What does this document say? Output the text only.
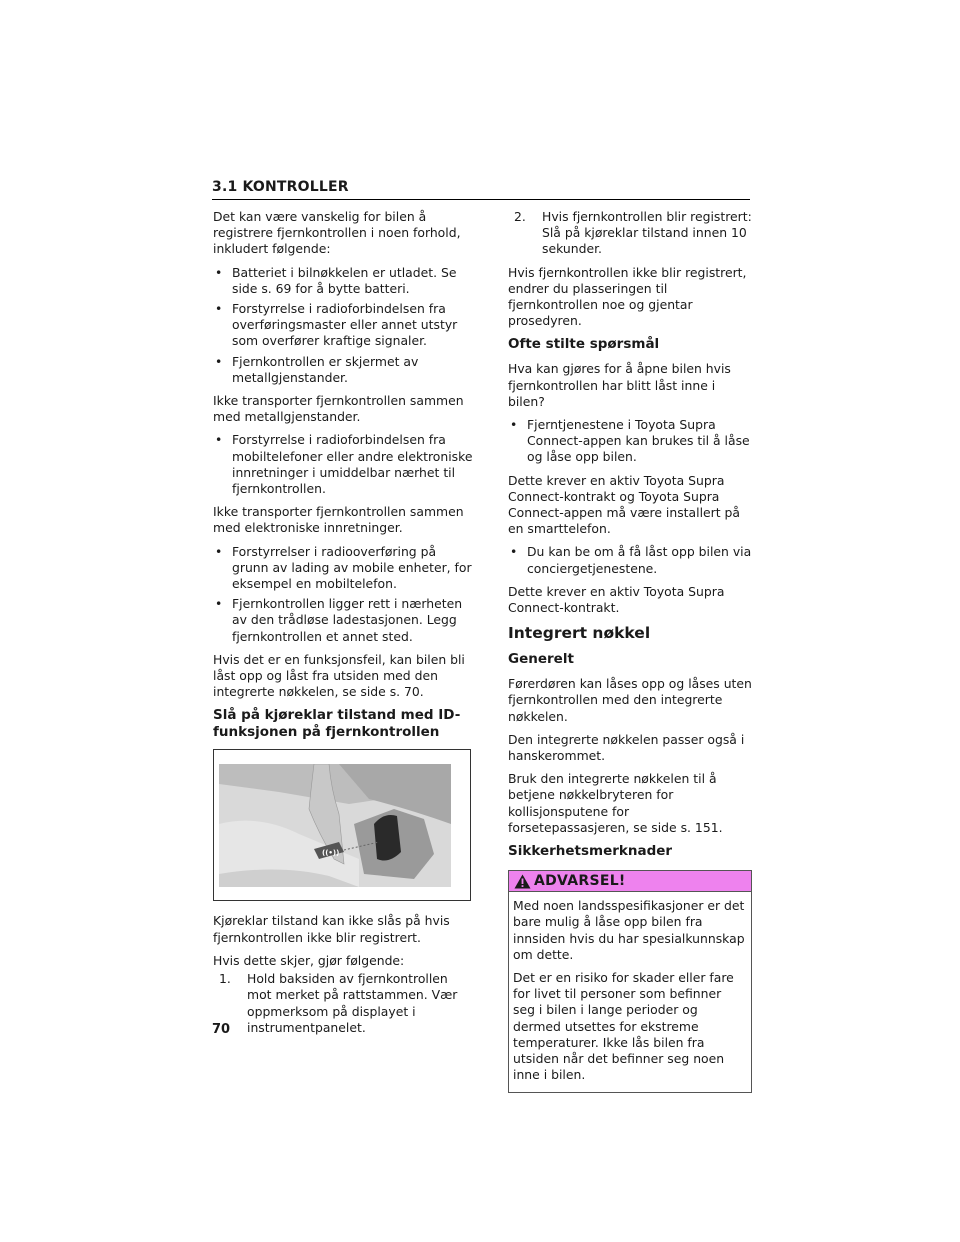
3.1 KONTROLLER

Det kan være vanskelig for bilen å registrere fjernkontrollen i noen forhold, inkludert følgende:

• Batteriet i bilnøkkelen er utladet. Se side s. 69 for å bytte batteri.
• Forstyrrelse i radioforbindelsen fra overføringsmaster eller annet utstyr som overfører kraftige signaler.
• Fjernkontrollen er skjermet av metallgjenstander.

Ikke transporter fjernkontrollen sammen med metallgjenstander.

• Forstyrrelse i radioforbindelsen fra mobiltelefoner eller andre elektroniske innretninger i umiddelbar nærhet til fjernkontrollen.

Ikke transporter fjernkontrollen sammen med elektroniske innretninger.

• Forstyrrelser i radiooverføring på grunn av lading av mobile enheter, for eksempel en mobiltelefon.
• Fjernkontrollen ligger rett i nærheten av den trådløse ladestasjonen. Legg fjernkontrollen et annet sted.

Hvis det er en funksjonsfeil, kan bilen bli låst opp og låst fra utsiden med den integrerte nøkkelen, se side s. 70.

Slå på kjøreklar tilstand med ID-funksjonen på fjernkontrollen
((•))

Kjøreklar tilstand kan ikke slås på hvis fjernkontrollen ikke blir registrert.

Hvis dette skjer, gjør følgende:

1. Hold baksiden av fjernkontrollen mot merket på rattstammen. Vær oppmerksom på displayet i instrumentpanelet.
2. Hvis fjernkontrollen blir registrert: Slå på kjøreklar tilstand innen 10 sekunder.

Hvis fjernkontrollen ikke blir registrert, endrer du plasseringen til fjernkontrollen noe og gjentar prosedyren.

Ofte stilte spørsmål

Hva kan gjøres for å åpne bilen hvis fjernkontrollen har blitt låst inne i bilen?

• Fjerntjenestene i Toyota Supra Connect-appen kan brukes til å låse og låse opp bilen.

Dette krever en aktiv Toyota Supra Connect-kontrakt og Toyota Supra Connect-appen må være installert på en smarttelefon.

• Du kan be om å få låst opp bilen via conciergetjenestene.

Dette krever en aktiv Toyota Supra Connect-kontrakt.

Integrert nøkkel
Generelt

Førerdøren kan låses opp og låses uten fjernkontrollen med den integrerte nøkkelen.

Den integrerte nøkkelen passer også i hanskerommet.

Bruk den integrerte nøkkelen til å betjene nøkkelbryteren for kollisjonsputene for forsetepassasjeren, se side s. 151.

Sikkerhetsmerknader
ADVARSEL!

Med noen landsspesifikasjoner er det bare mulig å låse opp bilen fra innsiden hvis du har spesialkunnskap om dette.

Det er en risiko for skader eller fare for livet til personer som befinner seg i bilen i lange perioder og dermed utsettes for ekstreme temperaturer. Ikke lås bilen fra utsiden når det befinner seg noen inne i bilen.

70
